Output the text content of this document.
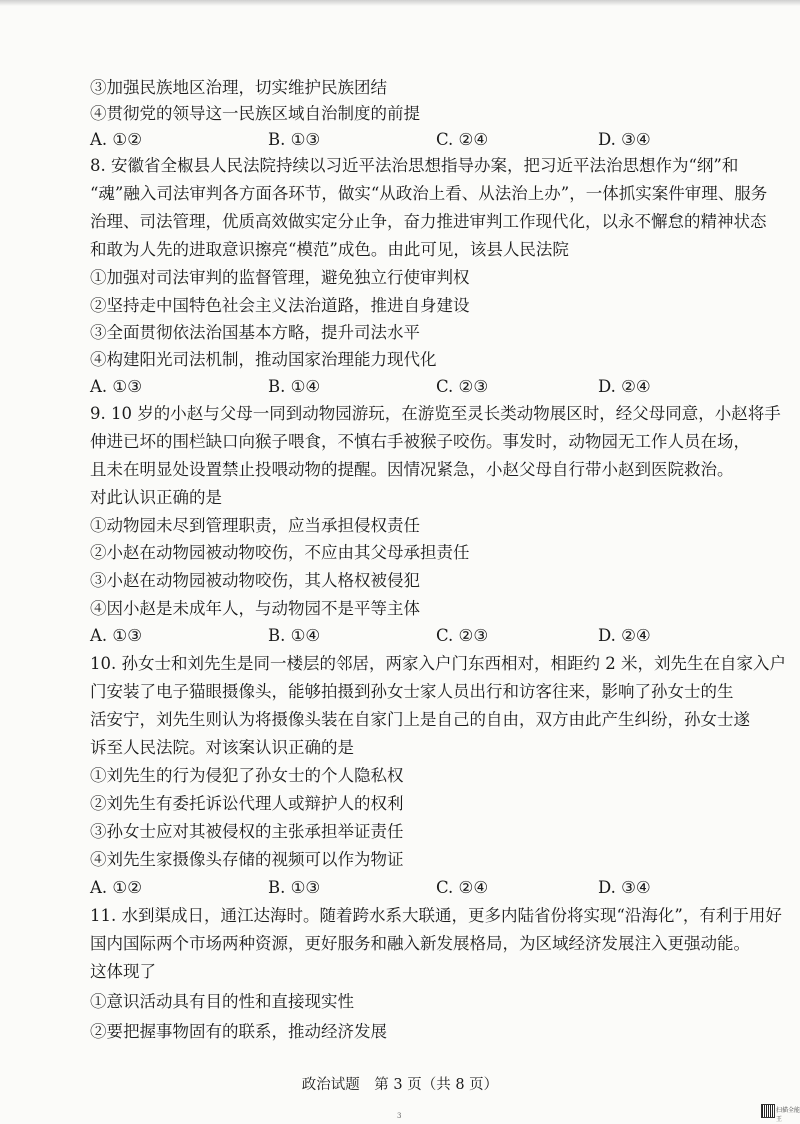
③加强民族地区治理，切实维护民族团结
④贯彻党的领导这一民族区域自治制度的前提
A. ①②	B. ①③	C. ②④	D. ③④
8. 安徽省全椒县人民法院持续以习近平法治思想指导办案，把习近平法治思想作为“纲”和
“魂”融入司法审判各方面各环节，做实“从政治上看、从法治上办”，一体抓实案件审理、服务
治理、司法管理，优质高效做实定分止争，奋力推进审判工作现代化，以永不懈怠的精神状态
和敢为人先的进取意识擦亮“模范”成色。由此可见，该县人民法院
①加强对司法审判的监督管理，避免独立行使审判权
②坚持走中国特色社会主义法治道路，推进自身建设
③全面贯彻依法治国基本方略，提升司法水平
④构建阳光司法机制，推动国家治理能力现代化
A. ①③	B. ①④	C. ②③	D. ②④
9. 10 岁的小赵与父母一同到动物园游玩，在游览至灵长类动物展区时，经父母同意，小赵将手
伸进已坏的围栏缺口向猴子喂食，不慎右手被猴子咬伤。事发时，动物园无工作人员在场，
且未在明显处设置禁止投喂动物的提醒。因情况紧急，小赵父母自行带小赵到医院救治。
对此认识正确的是
①动物园未尽到管理职责，应当承担侵权责任
②小赵在动物园被动物咬伤，不应由其父母承担责任
③小赵在动物园被动物咬伤，其人格权被侵犯
④因小赵是未成年人，与动物园不是平等主体
A. ①③	B. ①④	C. ②③	D. ②④
10. 孙女士和刘先生是同一楼层的邻居，两家入户门东西相对，相距约 2 米，刘先生在自家入户
门安装了电子猫眼摄像头，能够拍摄到孙女士家人员出行和访客往来，影响了孙女士的生
活安宁，刘先生则认为将摄像头装在自家门上是自己的自由，双方由此产生纠纷，孙女士遂
诉至人民法院。对该案认识正确的是
①刘先生的行为侵犯了孙女士的个人隐私权
②刘先生有委托诉讼代理人或辩护人的权利
③孙女士应对其被侵权的主张承担举证责任
④刘先生家摄像头存储的视频可以作为物证
A. ①②	B. ①③	C. ②④	D. ③④
11. 水到渠成日，通江达海时。随着跨水系大联通，更多内陆省份将实现“沿海化”，有利于用好
国内国际两个市场两种资源，更好服务和融入新发展格局，为区域经济发展注入更强动能。
这体现了
①意识活动具有目的性和直接现实性
②要把握事物固有的联系，推动经济发展
政治试题　第 3 页（共 8 页）
3
扫描全能王
